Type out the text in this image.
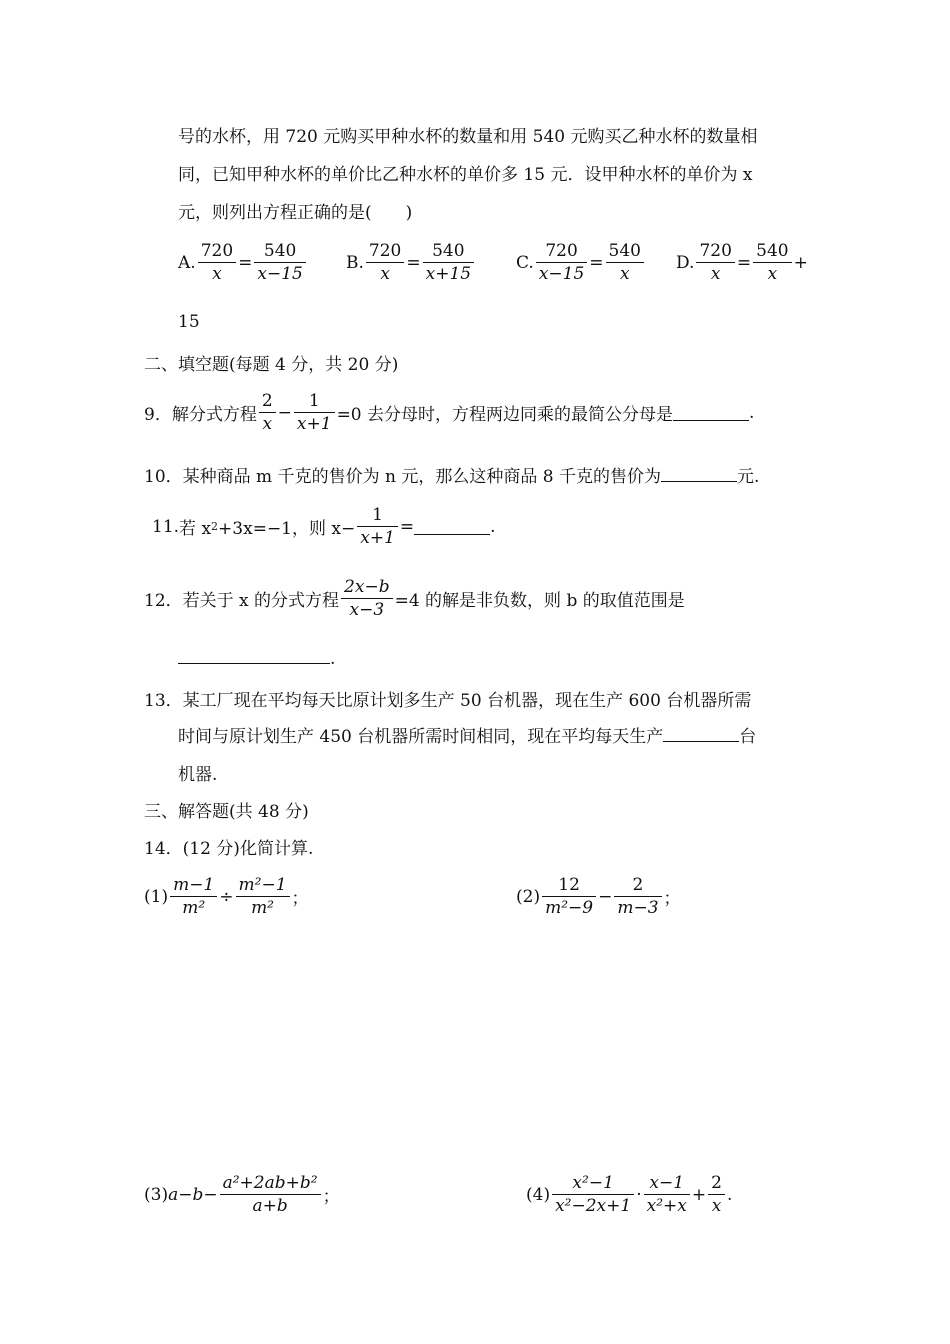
号的水杯，用 720 元购买甲种水杯的数量和用 540 元购买乙种水杯的数量相
同，已知甲种水杯的单价比乙种水杯的单价多 15 元．设甲种水杯的单价为 x
元，则列出方程正确的是(　　)
A. $\frac{720}{x} = \frac{540}{x-15} B$. $\frac{720}{x} = \frac{540}{x+15} C$. $\frac{720}{x-15} = \frac{540}{x} D$. $\frac{720}{x} = \frac{540}{x}$ +
15
二、填空题(每题 4 分，共 20 分)
9． 解分式方程 $\frac{2}{x} - \frac{1}{x+1} =0$ 去分母时，方程两边同乘的最简公分母是	.
10．某种商品 m 千克的售价为 n 元，那么这种商品 8 千克的售价为	元.
11. 若 x 2 +3x=−1，则 $x- \frac{1}{x+1}$ =	.
12． 若关于 x 的分式方程 $\frac{2x-b}{x-3} =4$ 的解是非负数，则 b 的取值范围是
.
13．某工厂现在平均每天比原计划多生产 50 台机器，现在生产 600 台机器所需
时间与原计划生产 450 台机器所需时间相同，现在平均每天生产	台
机器.
三、解答题(共 48 分)
14．(12 分)化简计算.
$(1) \frac{m-1}{\text{m²}} \div \frac{\text{m²−1}}{\text{m²}}$ ；	$(2) \frac{12}{\text{m²−9}} - \frac{2}{m-3}$ ；
(3) $a-b- \frac{\text{a²+2ab+b²}}{a+b}$ ；	$(4) \frac{\text{x²−1}}{\text{x²−2x+1}} \cdot \frac{x-1}{\text{x²+x}} + \frac{2}{x}$ .
